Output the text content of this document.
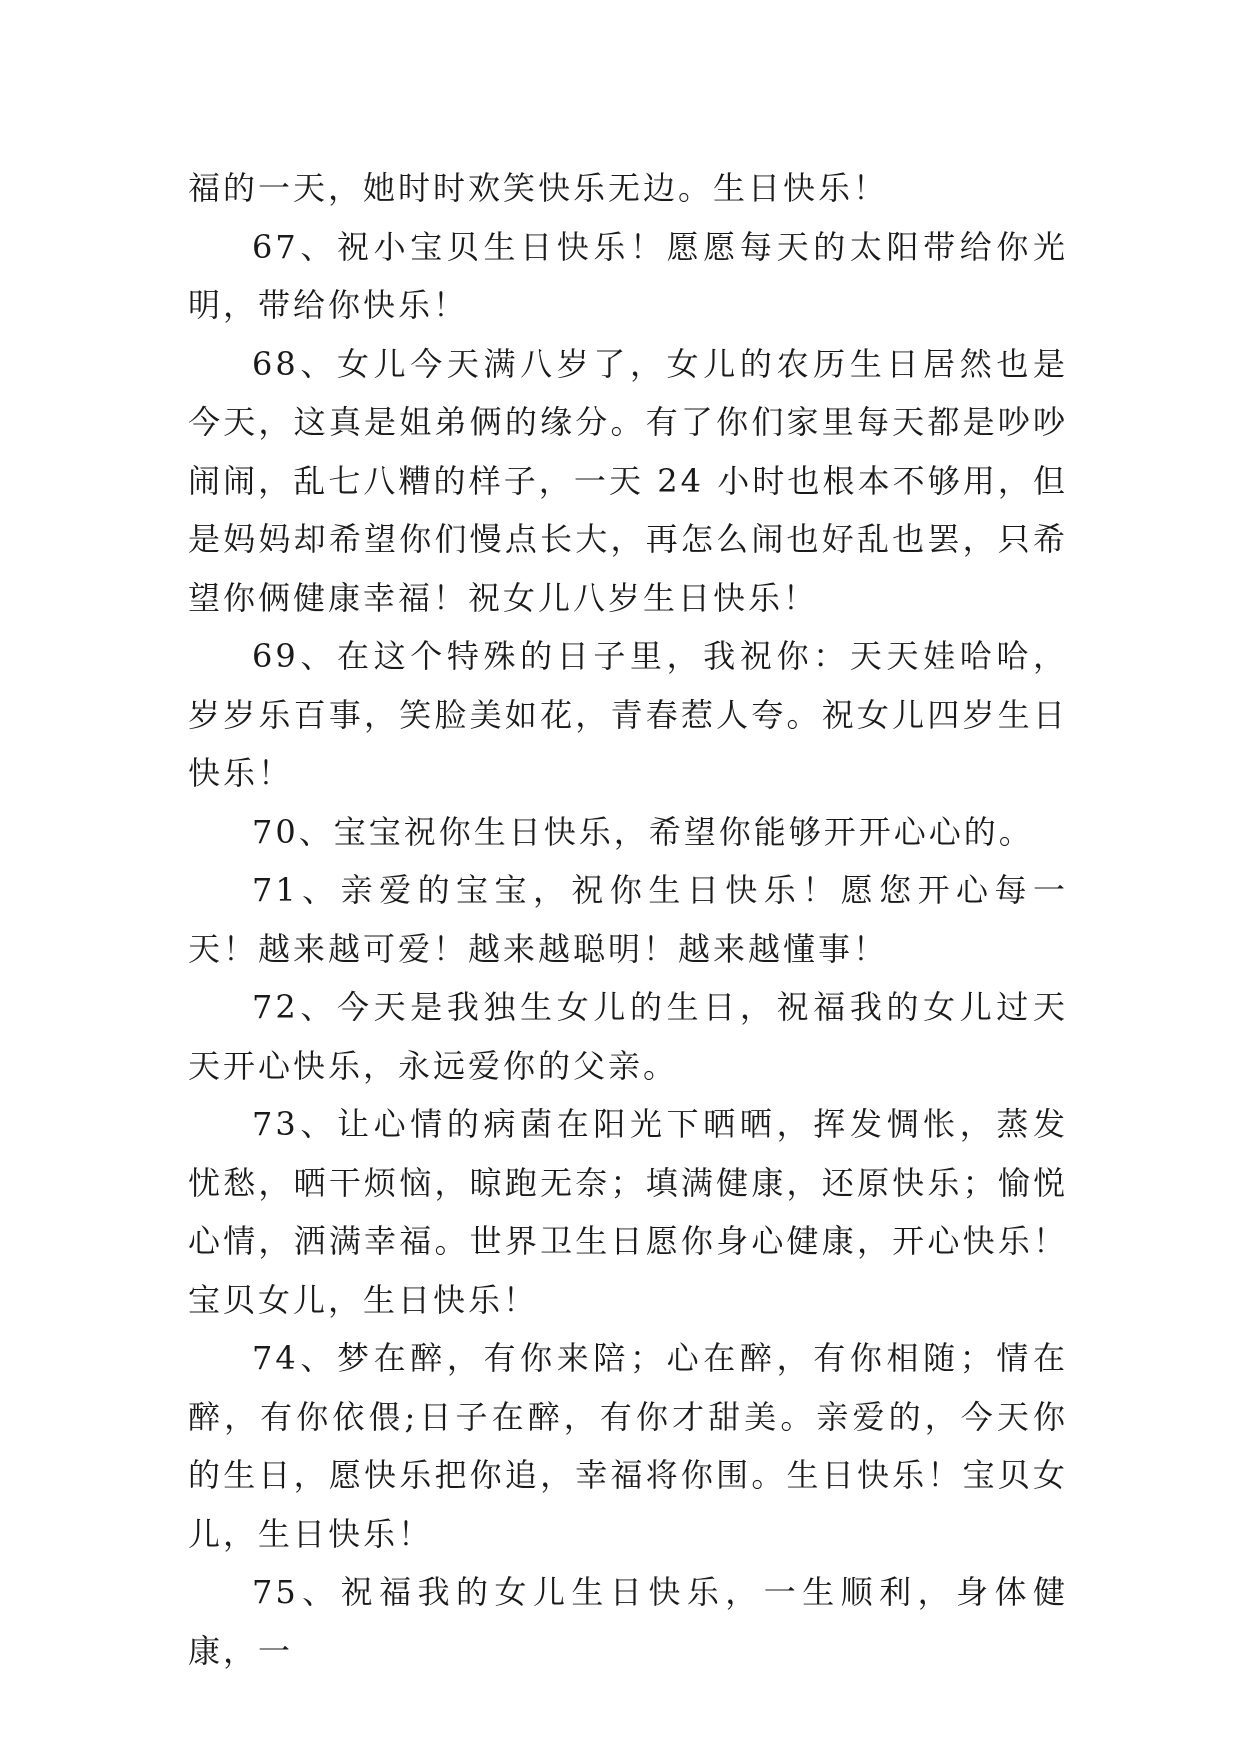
福的一天，她时时欢笑快乐无边。生日快乐！

67、祝小宝贝生日快乐！愿愿每天的太阳带给你光明，带给你快乐！

68、女儿今天满八岁了，女儿的农历生日居然也是今天，这真是姐弟俩的缘分。有了你们家里每天都是吵吵闹闹，乱七八糟的样子，一天 24 小时也根本不够用，但是妈妈却希望你们慢点长大，再怎么闹也好乱也罢，只希望你俩健康幸福！祝女儿八岁生日快乐！

69、在这个特殊的日子里，我祝你：天天娃哈哈，岁岁乐百事，笑脸美如花，青春惹人夸。祝女儿四岁生日快乐！

70、宝宝祝你生日快乐，希望你能够开开心心的。

71、亲爱的宝宝，祝你生日快乐！愿您开心每一天！越来越可爱！越来越聪明！越来越懂事！

72、今天是我独生女儿的生日，祝福我的女儿过天天开心快乐，永远爱你的父亲。

73、让心情的病菌在阳光下晒晒，挥发惆怅，蒸发忧愁，晒干烦恼，晾跑无奈；填满健康，还原快乐；愉悦心情，洒满幸福。世界卫生日愿你身心健康，开心快乐！宝贝女儿，生日快乐！

74、梦在醉，有你来陪；心在醉，有你相随；情在醉，有你依偎;日子在醉，有你才甜美。亲爱的，今天你的生日，愿快乐把你追，幸福将你围。生日快乐！宝贝女儿，生日快乐！

75、祝福我的女儿生日快乐，一生顺利，身体健康，一
